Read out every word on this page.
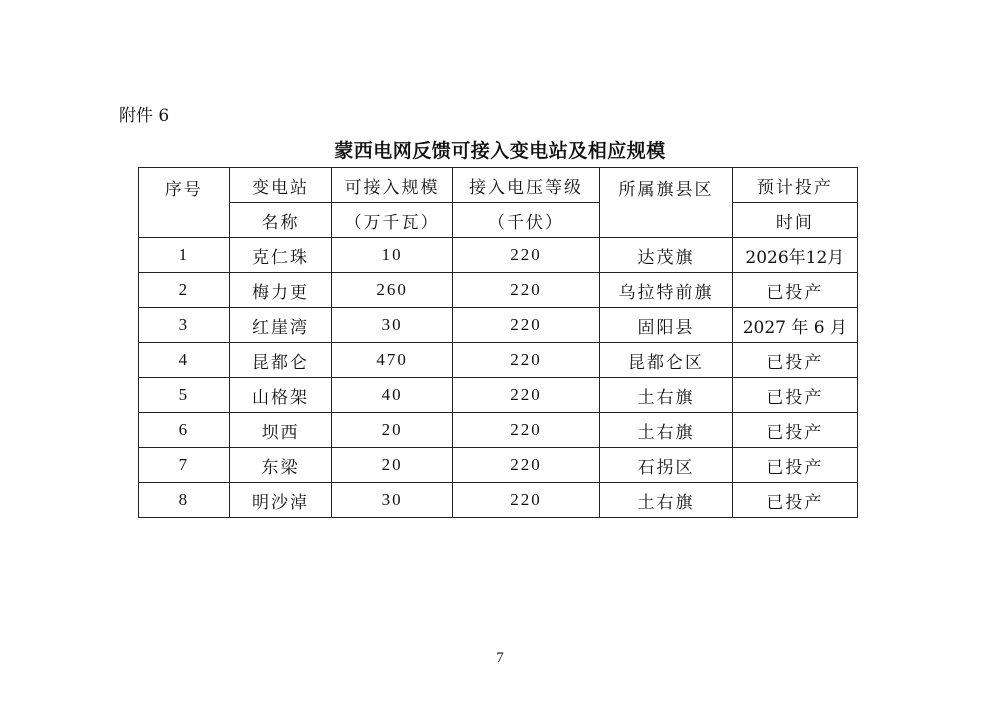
附件 6
蒙西电网反馈可接入变电站及相应规模
序号	变电站	可接入规模	接入电压等级	所属旗县区	预计投产
	名称	（万千瓦）	（千伏）		时间
1	克仁珠	10	220	达茂旗	2026年12月
2	梅力更	260	220	乌拉特前旗	已投产
3	红崖湾	30	220	固阳县	2027 年 6 月
4	昆都仑	470	220	昆都仑区	已投产
5	山格架	40	220	土右旗	已投产
6	坝西	20	220	土右旗	已投产
7	东梁	20	220	石拐区	已投产
8	明沙淖	30	220	土右旗	已投产
7
